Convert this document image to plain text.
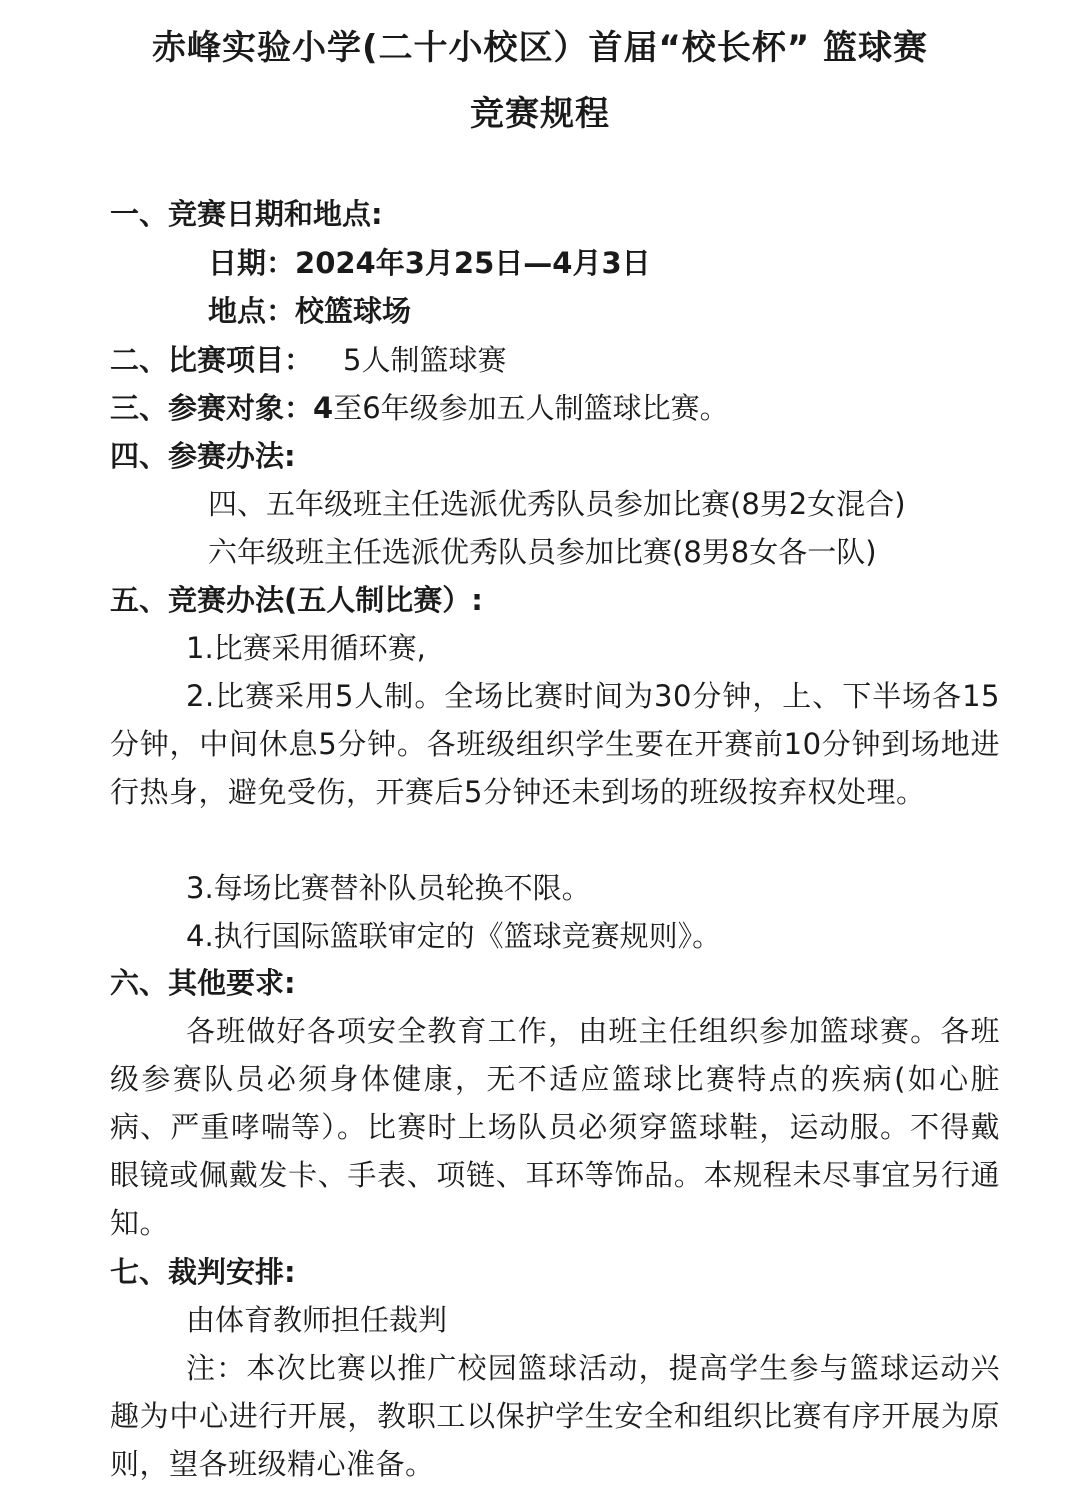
赤峰实验小学(二十小校区）首届“校长杯” 篮球赛
竞赛规程
一、竞赛日期和地点:
日期：2024年3月25日—4月3日
地点：校篮球场
二、比赛项目： 5人制篮球赛
三、参赛对象：4至6年级参加五人制篮球比赛。
四、参赛办法:
四、五年级班主任选派优秀队员参加比赛(8男2女混合)
六年级班主任选派优秀队员参加比赛(8男8女各一队)
五、竞赛办法(五人制比赛）:
1.比赛采用循环赛,
2.比赛采用5人制。全场比赛时间为30分钟，上、下半场各15分钟，中间休息5分钟。各班级组织学生要在开赛前10分钟到场地进行热身，避免受伤，开赛后5分钟还未到场的班级按弃权处理。
3.每场比赛替补队员轮换不限。
4.执行国际篮联审定的《篮球竞赛规则》。
六、其他要求:
各班做好各项安全教育工作，由班主任组织参加篮球赛。各班级参赛队员必须身体健康，无不适应篮球比赛特点的疾病(如心脏病、严重哮喘等）。比赛时上场队员必须穿篮球鞋，运动服。不得戴眼镜或佩戴发卡、手表、项链、耳环等饰品。本规程未尽事宜另行通知。
七、裁判安排:
由体育教师担任裁判
注：本次比赛以推广校园篮球活动，提高学生参与篮球运动兴趣为中心进行开展，教职工以保护学生安全和组织比赛有序开展为原则，望各班级精心准备。
